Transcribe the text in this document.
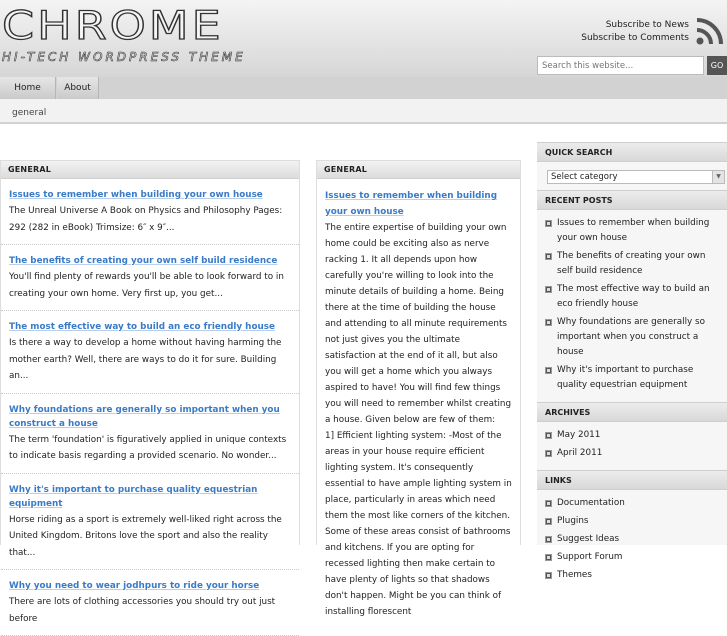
CHROME
HI-TECH WORDPRESS THEME
Subscribe to News
Subscribe to Comments
Search this website...
GO
Home	About
general
GENERAL
Issues to remember when building your own house
The Unreal Universe A Book on Physics and Philosophy Pages: 292 (282 in eBook) Trimsize: 6″ x 9″...
The benefits of creating your own self build residence
You'll find plenty of rewards you'll be able to look forward to in creating your own home. Very first up, you get...
The most effective way to build an eco friendly house
Is there a way to develop a home without having harming the mother earth? Well, there are ways to do it for sure. Building an...
Why foundations are generally so important when you construct a house
The term 'foundation' is figuratively applied in unique contexts to indicate basis regarding a provided scenario. No wonder...
Why it's important to purchase quality equestrian equipment
Horse riding as a sport is extremely well-liked right across the United Kingdom. Britons love the sport and also the reality that...
Why you need to wear jodhpurs to ride your horse
There are lots of clothing accessories you should try out just before
GENERAL
Issues to remember when building your own house

The entire expertise of building your own home could be exciting also as nerve racking 1. It all depends upon how carefully you're willing to look into the minute details of building a home. Being there at the time of building the house and attending to all minute requirements not just gives you the ultimate satisfaction at the end of it all, but also you will get a home which you always aspired to have! You will find few things you will need to remember whilst creating a house. Given below are few of them:

1] Efficient lighting system: -Most of the areas in your house require efficient lighting system. It's consequently essential to have ample lighting system in place, particularly in areas which need them the most like corners of the kitchen. Some of these areas consist of bathrooms and kitchens. If you are opting for recessed lighting then make certain to have plenty of lights so that shadows don't happen. Might be you can think of installing florescent

QUICK SEARCH
Select category	▼
RECENT POSTS
Issues to remember when building your own house
The benefits of creating your own self build residence
The most effective way to build an eco friendly house
Why foundations are generally so important when you construct a house
Why it's important to purchase quality equestrian equipment
ARCHIVES
May 2011
April 2011
LINKS
Documentation
Plugins
Suggest Ideas
Support Forum
Themes
